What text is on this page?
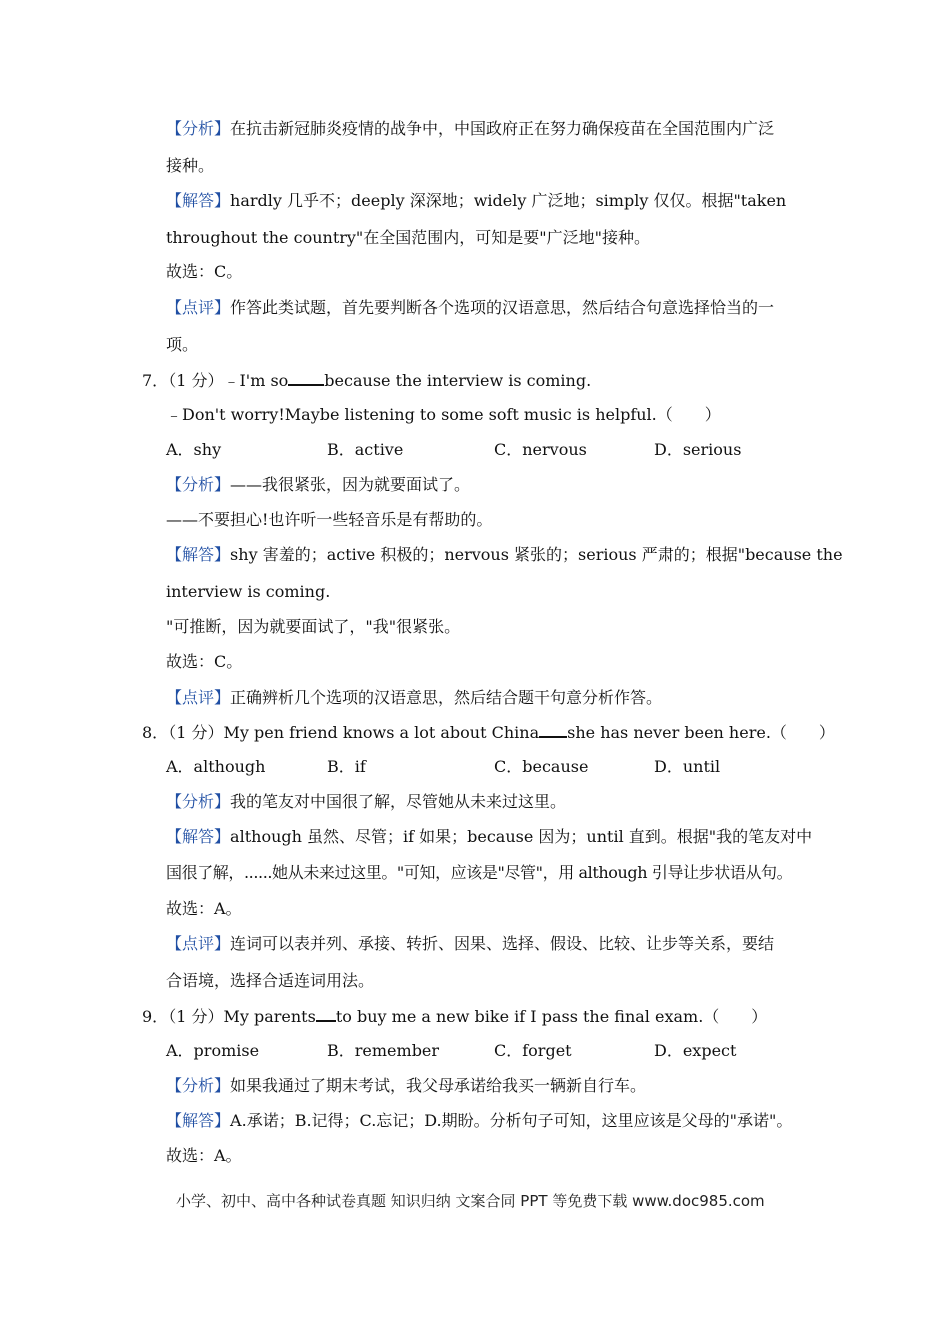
【分析】在抗击新冠肺炎疫情的战争中，中国政府正在努力确保疫苗在全国范围内广泛
接种。
【解答】hardly 几乎不；deeply 深深地；widely 广泛地；simply 仅仅。根据"taken
throughout the country"在全国范围内，可知是要"广泛地"接种。
故选：C。
【点评】作答此类试题，首先要判断各个选项的汉语意思，然后结合句意选择恰当的一
项。
7．（1 分）﹣I'm so because the interview is coming.
﹣Don't worry!Maybe listening to some soft music is helpful.（　　）
A．shy	B．active	C．nervous	D．serious
【分析】——我很紧张，因为就要面试了。
——不要担心!也许听一些轻音乐是有帮助的。
【解答】shy 害羞的；active 积极的；nervous 紧张的；serious 严肃的；根据"because the
interview is coming.
"可推断，因为就要面试了，"我"很紧张。
故选：C。
【点评】正确辨析几个选项的汉语意思，然后结合题干句意分析作答。
8．（1 分）My pen friend knows a lot about China she has never been here.（　　）
A．although	B．if	C．because	D．until
【分析】我的笔友对中国很了解，尽管她从未来过这里。
【解答】although 虽然、尽管；if 如果；because 因为；until 直到。根据"我的笔友对中
国很了解，......她从未来过这里。"可知，应该是"尽管"，用 although 引导让步状语从句。
故选：A。
【点评】连词可以表并列、承接、转折、因果、选择、假设、比较、让步等关系，要结
合语境，选择合适连词用法。
9．（1 分）My parents to buy me a new bike if I pass the final exam.（　　）
A．promise	B．remember	C．forget	D．expect
【分析】如果我通过了期末考试，我父母承诺给我买一辆新自行车。
【解答】A.承诺；B.记得；C.忘记；D.期盼。分析句子可知，这里应该是父母的"承诺"。
故选：A。
小学、初中、高中各种试卷真题 知识归纳 文案合同 PPT 等免费下载 www.doc985.com
